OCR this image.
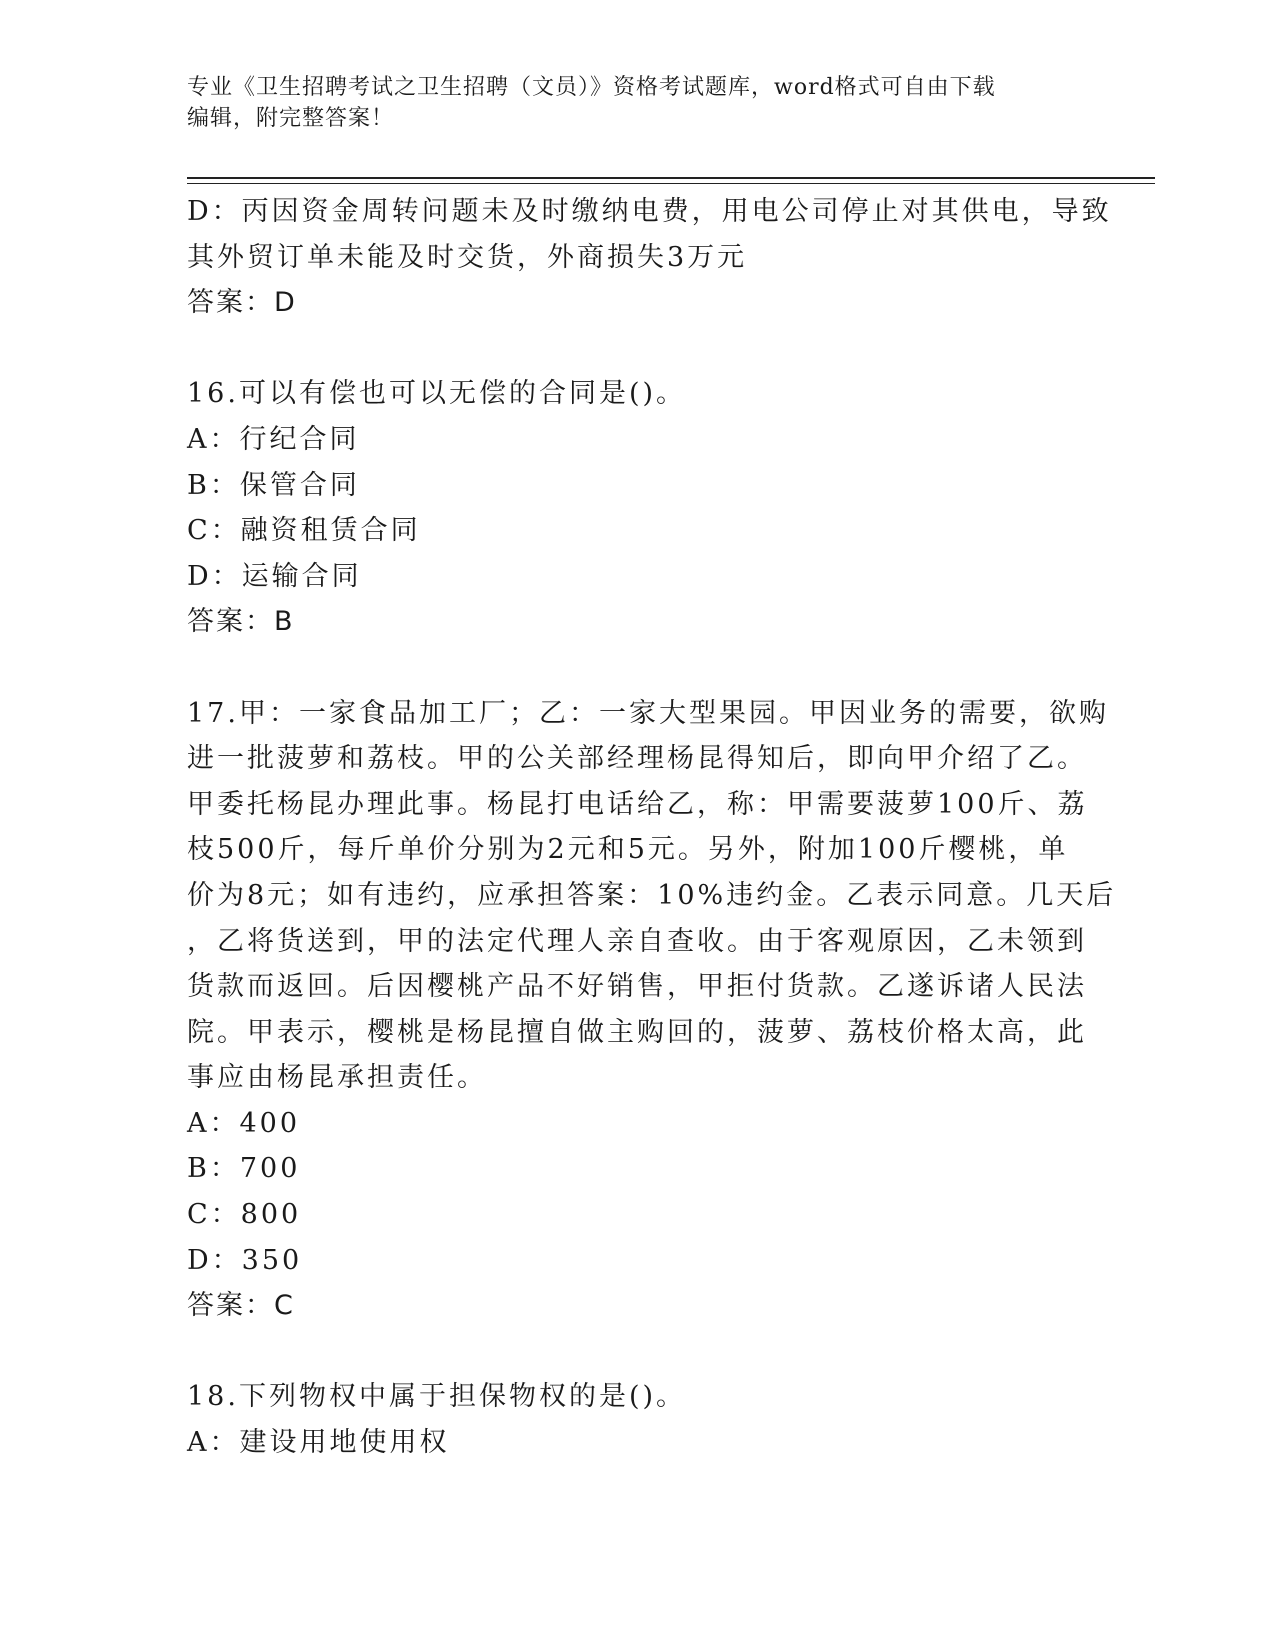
专业《卫生招聘考试之卫生招聘（文员）》资格考试题库，word格式可自由下载
编辑，附完整答案！
D：丙因资金周转问题未及时缴纳电费，用电公司停止对其供电，导致
其外贸订单未能及时交货，外商损失3万元
答案：D
16.可以有偿也可以无偿的合同是()。
A：行纪合同
B：保管合同
C：融资租赁合同
D：运输合同
答案：B
17.甲：一家食品加工厂；乙：一家大型果园。甲因业务的需要，欲购
进一批菠萝和荔枝。甲的公关部经理杨昆得知后，即向甲介绍了乙。
甲委托杨昆办理此事。杨昆打电话给乙，称：甲需要菠萝100斤、荔
枝500斤，每斤单价分别为2元和5元。另外，附加100斤樱桃，单
价为8元；如有违约，应承担答案：10%违约金。乙表示同意。几天后
，乙将货送到，甲的法定代理人亲自查收。由于客观原因，乙未领到
货款而返回。后因樱桃产品不好销售，甲拒付货款。乙遂诉诸人民法
院。甲表示，樱桃是杨昆擅自做主购回的，菠萝、荔枝价格太高，此
事应由杨昆承担责任。
A：400
B：700
C：800
D：350
答案：C
18.下列物权中属于担保物权的是()。
A：建设用地使用权
